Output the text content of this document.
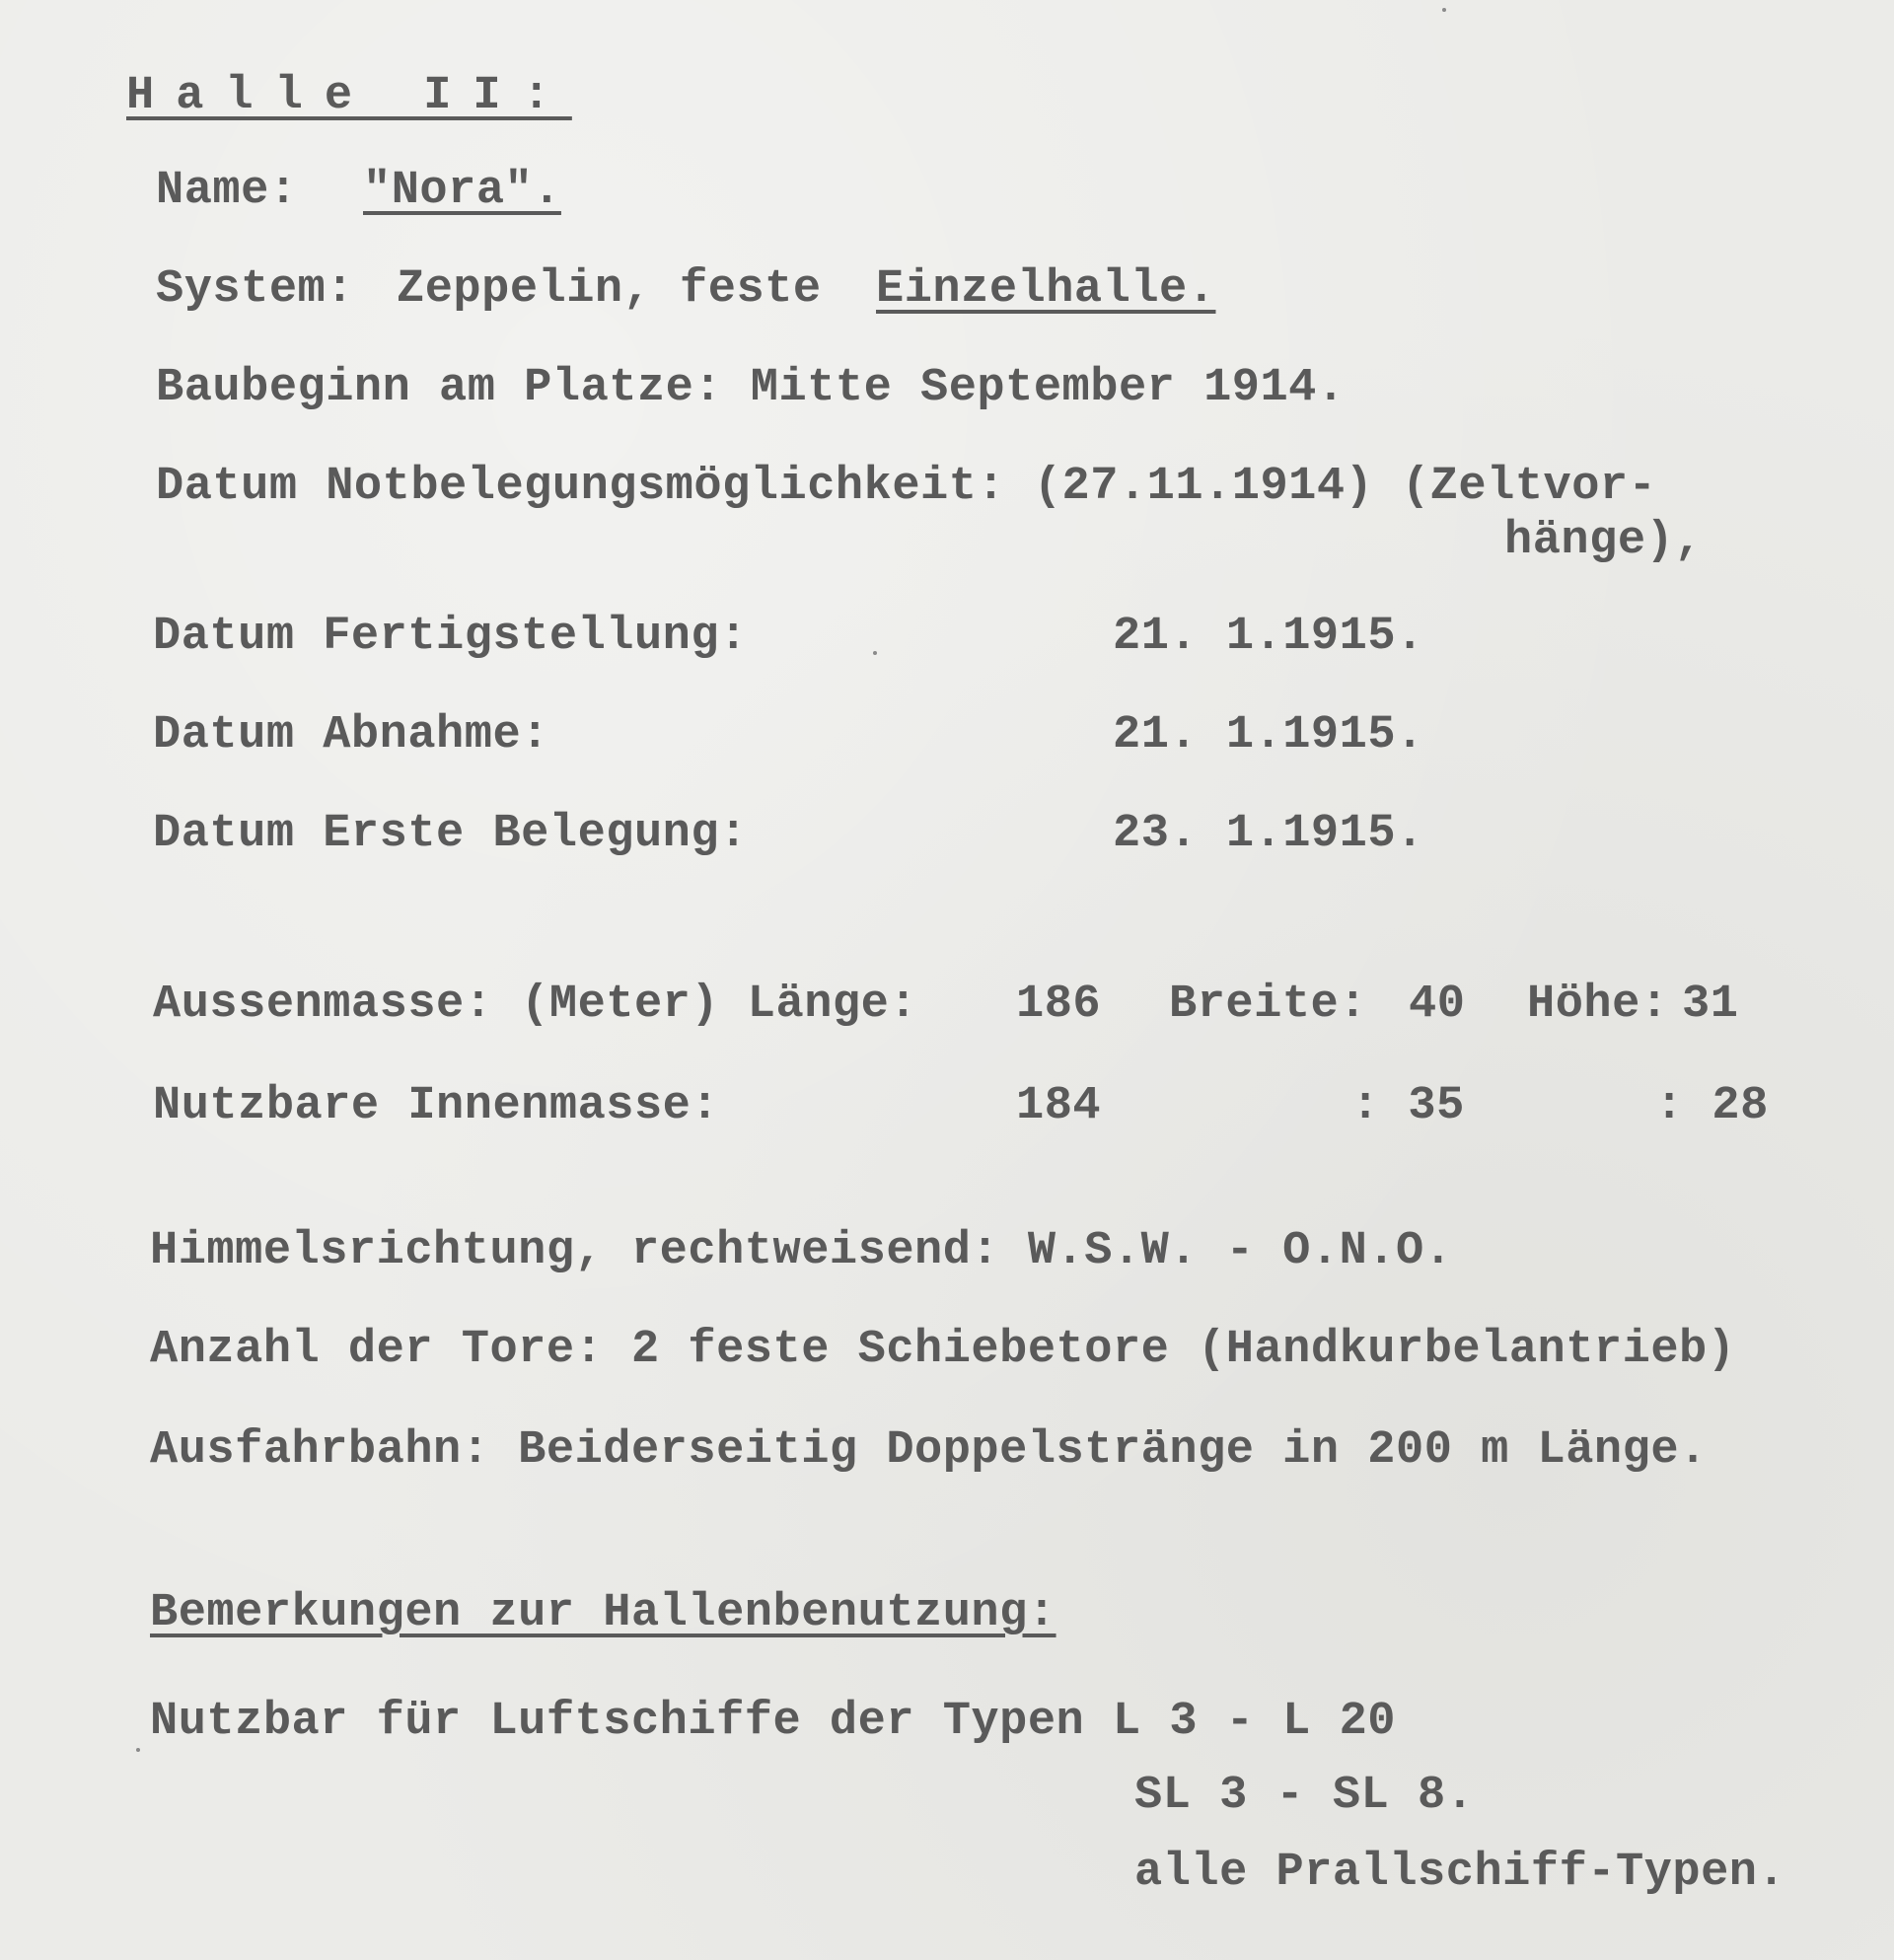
Halle II:
Name: "Nora".
System: Zeppelin, feste Einzelhalle.
Baubeginn am Platze: Mitte September 1914.
Datum Notbelegungsmöglichkeit: (27.11.1914) (Zeltvor-
hänge),
Datum Fertigstellung:	21. 1.1915.
Datum Abnahme:	21. 1.1915.
Datum Erste Belegung:	23. 1.1915.
Aussenmasse: (Meter) Länge: 186 Breite: 40 Höhe: 31
Nutzbare Innenmasse:	184	: 35	: 28
Himmelsrichtung, rechtweisend: W.S.W. - O.N.O.
Anzahl der Tore: 2 feste Schiebetore (Handkurbelantrieb)
Ausfahrbahn: Beiderseitig Doppelstränge in 200 m Länge.
Bemerkungen zur Hallenbenutzung:
Nutzbar für Luftschiffe der Typen L 3 - L 20
SL 3 - SL 8.
alle Prallschiff-Typen.
